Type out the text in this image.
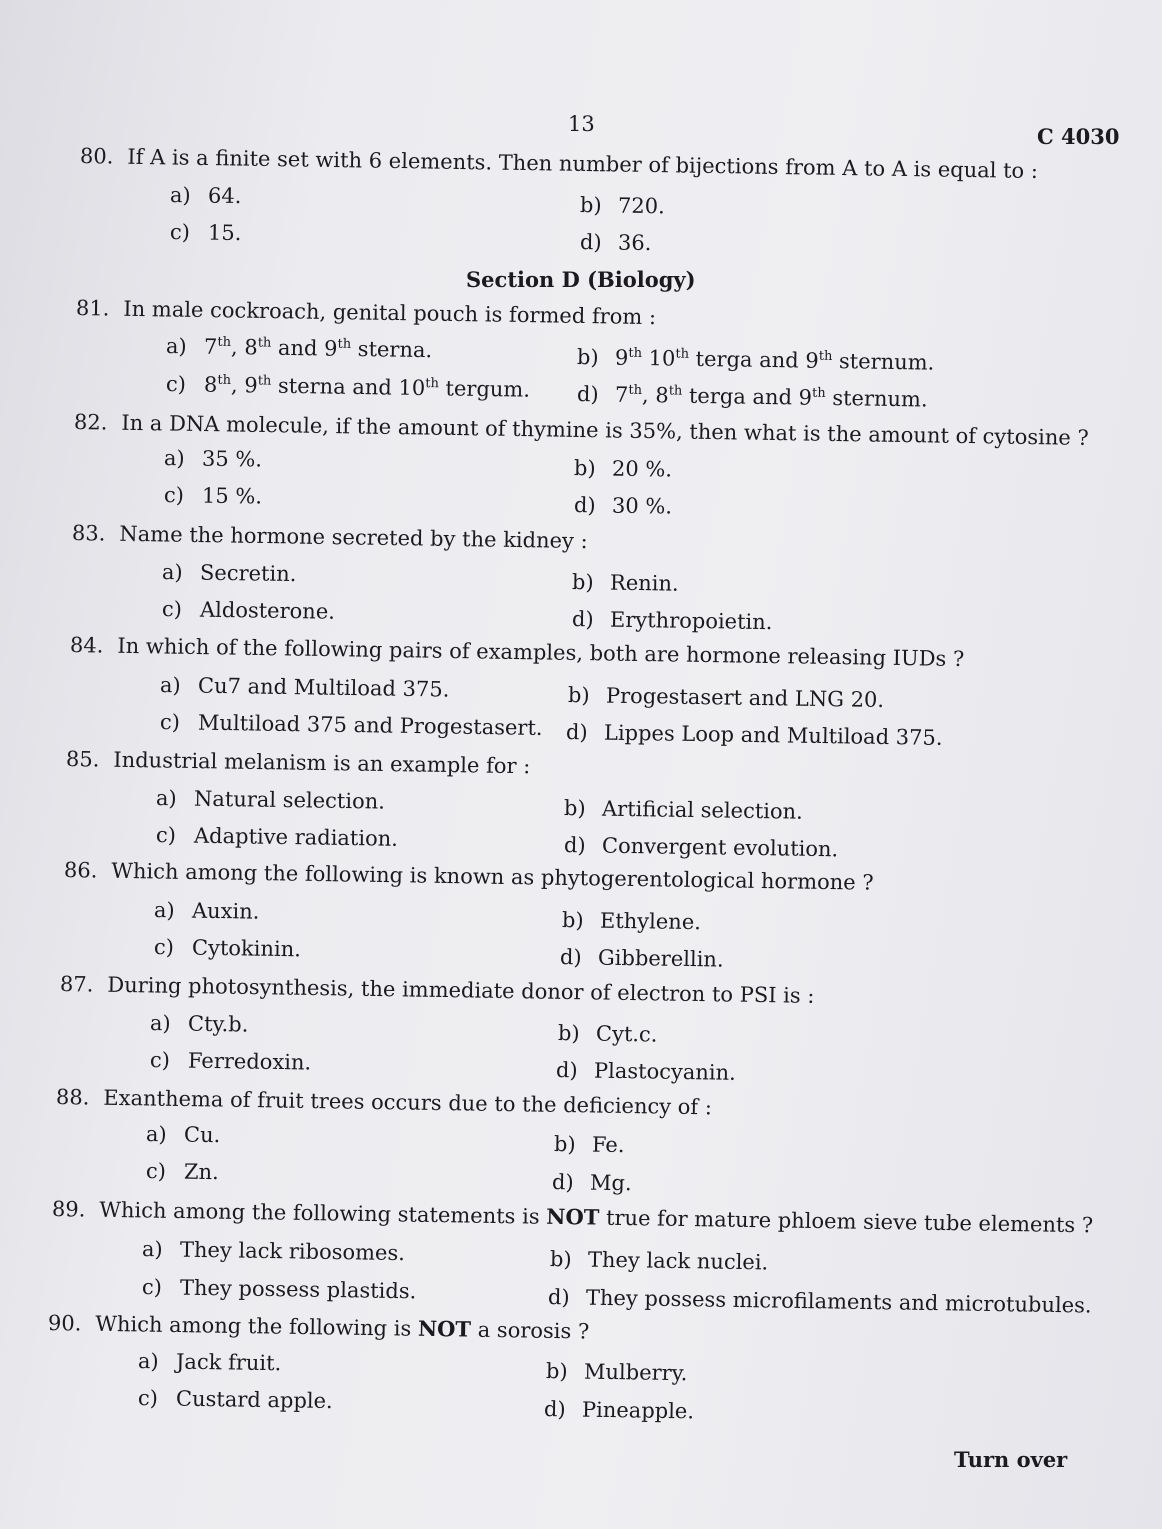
13	C 4030
80. If A is a finite set with 6 elements. Then number of bijections from A to A is equal to :
a) 64.	b) 720.
c) 15.	d) 36.
Section D (Biology)
81. In male cockroach, genital pouch is formed from :
a) 7th, 8th and 9th sterna.	b) 9th 10th terga and 9th sternum.
c) 8th, 9th sterna and 10th tergum. d) 7th, 8th terga and 9th sternum.
82. In a DNA molecule, if the amount of thymine is 35%, then what is the amount of cytosine ?
a) 35 %.	b) 20 %.
c) 15 %.	d) 30 %.
83. Name the hormone secreted by the kidney :
a) Secretin.	b) Renin.
c) Aldosterone.	d) Erythropoietin.
84. In which of the following pairs of examples, both are hormone releasing IUDs ?
a) Cu7 and Multiload 375.	b) Progestasert and LNG 20.
c) Multiload 375 and Progestasert. d) Lippes Loop and Multiload 375.
85. Industrial melanism is an example for :
a) Natural selection.	b) Artificial selection.
c) Adaptive radiation.	d) Convergent evolution.
86. Which among the following is known as phytogerentological hormone ?
a) Auxin.	b) Ethylene.
c) Cytokinin.	d) Gibberellin.
87. During photosynthesis, the immediate donor of electron to PSI is :
a) Cty.b.	b) Cyt.c.
c) Ferredoxin.	d) Plastocyanin.
88. Exanthema of fruit trees occurs due to the deficiency of :
a) Cu.	b) Fe.
c) Zn.	d) Mg.
89. Which among the following statements is NOT true for mature phloem sieve tube elements ?
a) They lack ribosomes.	b) They lack nuclei.
c) They possess plastids.	d) They possess microfilaments and microtubules.
90. Which among the following is NOT a sorosis ?
a) Jack fruit.	b) Mulberry.
c) Custard apple.	d) Pineapple.
Turn over
